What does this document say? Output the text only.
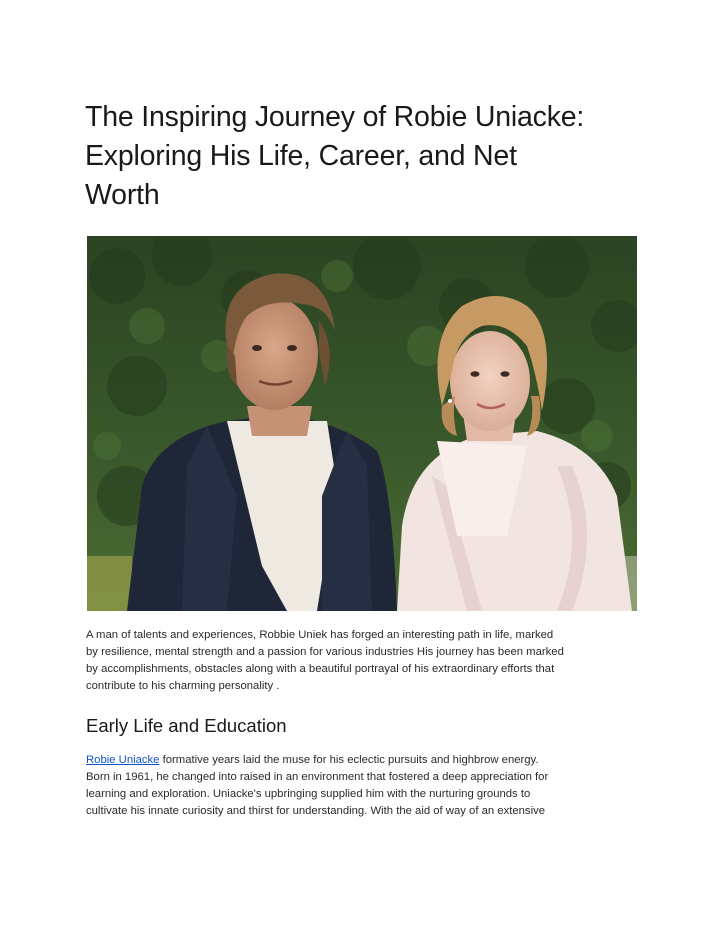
The Inspiring Journey of Robie Uniacke:
Exploring His Life, Career, and Net
Worth

A man of talents and experiences, Robbie Uniek has forged an interesting path in life, marked
by resilience, mental strength and a passion for various industries His journey has been marked
by accomplishments, obstacles along with a beautiful portrayal of his extraordinary efforts that
contribute to his charming personality .

Early Life and Education

Robie Uniacke formative years laid the muse for his eclectic pursuits and highbrow energy.
Born in 1961, he changed into raised in an environment that fostered a deep appreciation for
learning and exploration. Uniacke's upbringing supplied him with the nurturing grounds to
cultivate his innate curiosity and thirst for understanding. With the aid of way of an extensive
